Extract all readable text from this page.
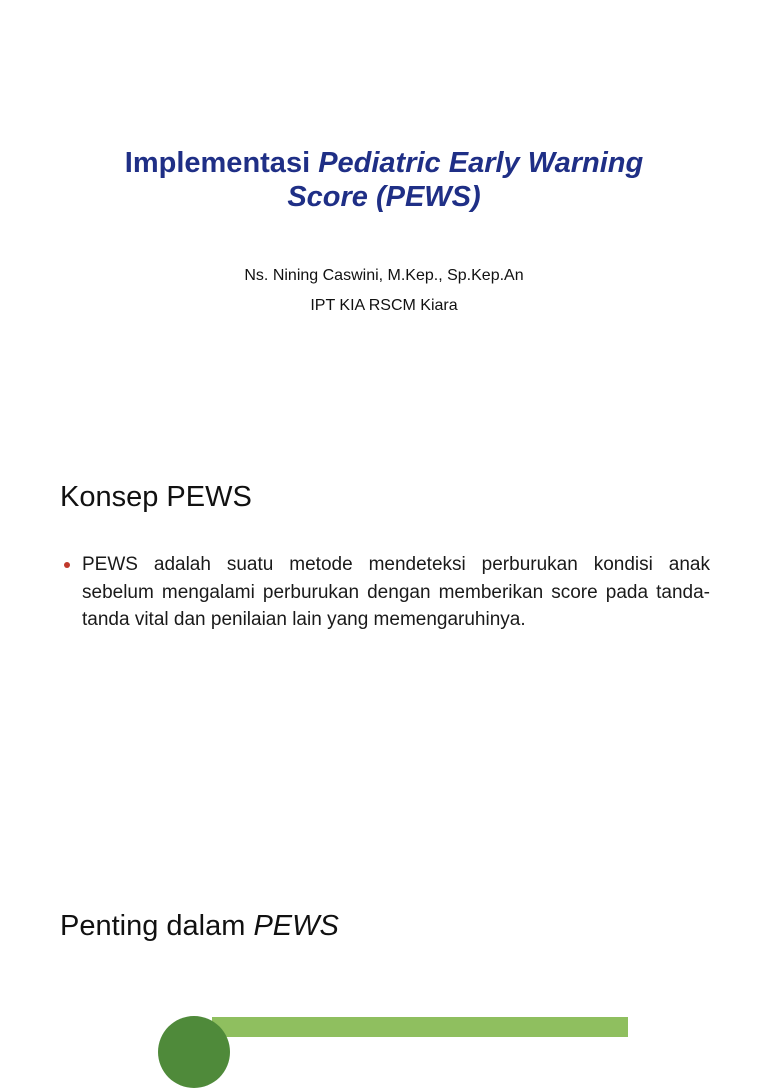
Implementasi Pediatric Early Warning
Score (PEWS)
Ns. Nining Caswini, M.Kep., Sp.Kep.An
IPT KIA RSCM Kiara
Konsep PEWS
PEWS adalah suatu metode mendeteksi perburukan kondisi anak sebelum mengalami perburukan dengan memberikan score pada tanda-tanda vital dan penilaian lain yang memengaruhinya.
Penting dalam PEWS
